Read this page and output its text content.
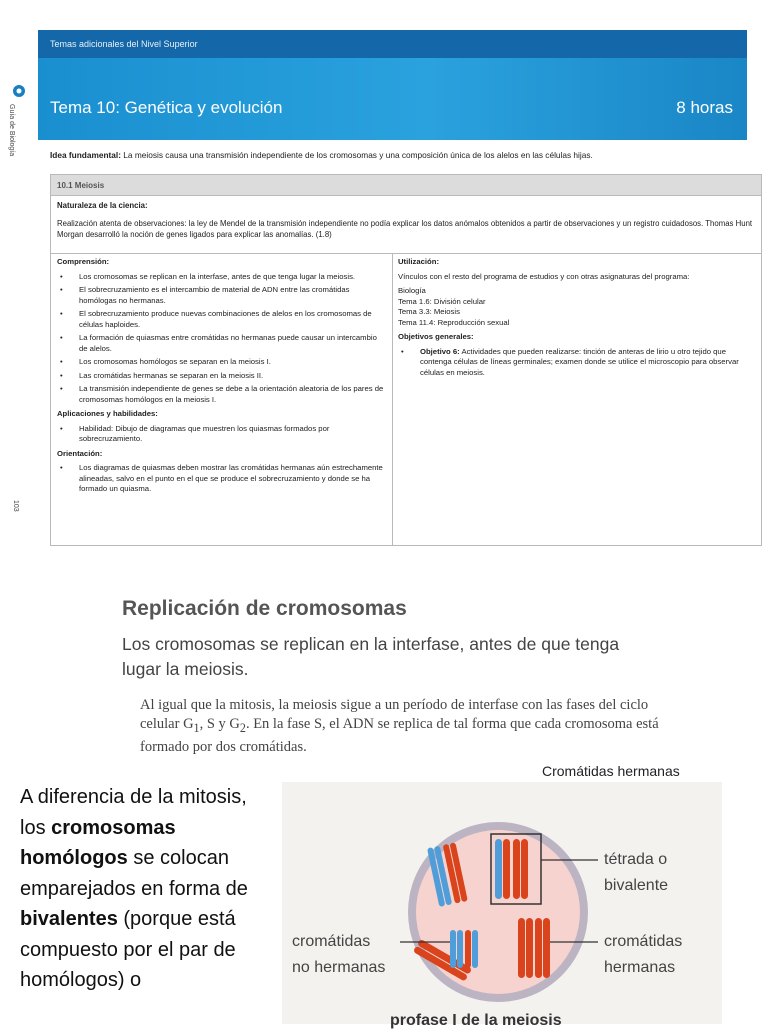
Guía de Biología
103
Temas adicionales del Nivel Superior
Tema 10: Genética y evolución	8 horas
Idea fundamental: La meiosis causa una transmisión independiente de los cromosomas y una composición única de los alelos en las células hijas.
10.1 Meiosis
Naturaleza de la ciencia:
Realización atenta de observaciones: la ley de Mendel de la transmisión independiente no podía explicar los datos anómalos obtenidos a partir de observaciones y un registro cuidadosos. Thomas Hunt Morgan desarrolló la noción de genes ligados para explicar las anomalías. (1.8)
Comprensión:
• Los cromosomas se replican en la interfase, antes de que tenga lugar la meiosis.
• El sobrecruzamiento es el intercambio de material de ADN entre las cromátidas homólogas no hermanas.
• El sobrecruzamiento produce nuevas combinaciones de alelos en los cromosomas de células haploides.
• La formación de quiasmas entre cromátidas no hermanas puede causar un intercambio de alelos.
• Los cromosomas homólogos se separan en la meiosis I.
• Las cromátidas hermanas se separan en la meiosis II.
• La transmisión independiente de genes se debe a la orientación aleatoria de los pares de cromosomas homólogos en la meiosis I.
Aplicaciones y habilidades:
• Habilidad: Dibujo de diagramas que muestren los quiasmas formados por sobrecruzamiento.
Orientación:
• Los diagramas de quiasmas deben mostrar las cromátidas hermanas aún estrechamente alineadas, salvo en el punto en el que se produce el sobrecruzamiento y donde se ha formado un quiasma.
Utilización:
Vínculos con el resto del programa de estudios y con otras asignaturas del programa:
Biología
Tema 1.6: División celular
Tema 3.3: Meiosis
Tema 11.4: Reproducción sexual
Objetivos generales:
• Objetivo 6: Actividades que pueden realizarse: tinción de anteras de lirio u otro tejido que contenga células de líneas germinales; examen donde se utilice el microscopio para observar células en meiosis.
Replicación de cromosomas
Los cromosomas se replican en la interfase, antes de que tenga lugar la meiosis.
Al igual que la mitosis, la meiosis sigue a un período de interfase con las fases del ciclo celular $G_1$, S y $G_2$. En la fase S, el ADN se replica de tal forma que cada cromosoma está formado por dos cromátidas.
Cromátidas hermanas
A diferencia de la mitosis, los cromosomas homólogos se colocan emparejados en forma de bivalentes (porque está compuesto por el par de homólogos) o
tétrada o bivalente
cromátidas
no hermanas
cromátidas
hermanas
profase I de la meiosis
